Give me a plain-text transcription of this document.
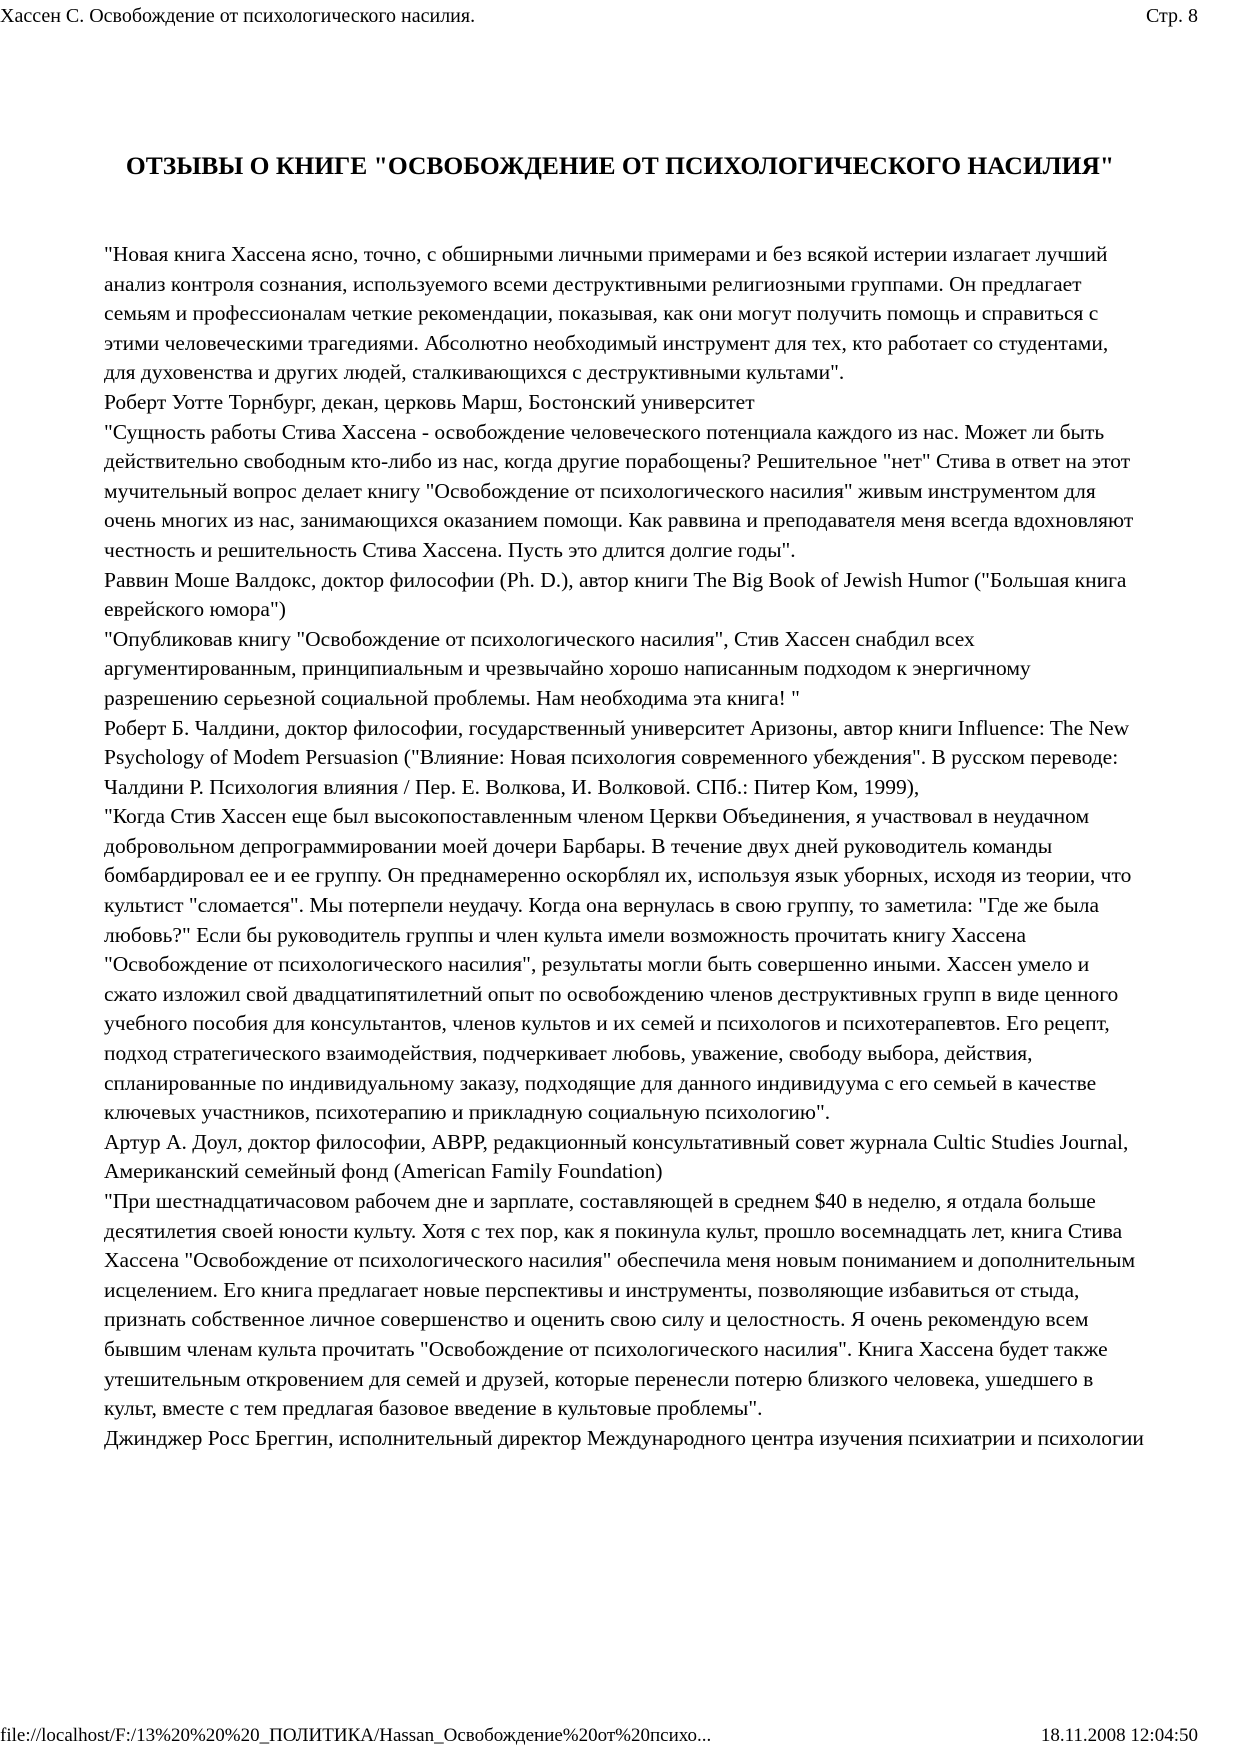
Хассен С. Освобождение от психологического насилия.	Стр. 8
ОТЗЫВЫ О КНИГЕ "ОСВОБОЖДЕНИЕ ОТ ПСИХОЛОГИЧЕСКОГО НАСИЛИЯ"

"Новая книга Хассена ясно, точно, с обширными личными примерами и без всякой истерии излагает лучший анализ контроля сознания, используемого всеми деструктивными религиозными группами. Он предлагает семьям и профессионалам четкие рекомендации, показывая, как они могут получить помощь и справиться с этими человеческими трагедиями. Абсолютно необходимый инструмент для тех, кто работает со студентами, для духовенства и других людей, сталкивающихся с деструктивными культами".

Роберт Уотте Торнбург, декан, церковь Марш, Бостонский университет

"Сущность работы Стива Хассена - освобождение человеческого потенциала каждого из нас. Может ли быть действительно свободным кто-либо из нас, когда другие порабощены? Решительное "нет" Стива в ответ на этот мучительный вопрос делает книгу "Освобождение от психологического насилия" живым инструментом для очень многих из нас, занимающихся оказанием помощи. Как раввина и преподавателя меня всегда вдохновляют честность и решительность Стива Хассена. Пусть это длится долгие годы".

Раввин Моше Валдокс, доктор философии (Ph. D.), автор книги The Big Book of Jewish Humor ("Большая книга еврейского юмора")

"Опубликовав книгу "Освобождение от психологического насилия", Стив Хассен снабдил всех аргументированным, принципиальным и чрезвычайно хорошо написанным подходом к энергичному разрешению серьезной социальной проблемы. Нам необходима эта книга! "

Роберт Б. Чалдини, доктор философии, государственный университет Аризоны, автор книги Influence: The New Psychology of Modem Persuasion ("Влияние: Новая психология современного убеждения". В русском переводе: Чалдини Р. Психология влияния / Пер. Е. Волкова, И. Волковой. СПб.: Питер Ком, 1999),

"Когда Стив Хассен еще был высокопоставленным членом Церкви Объединения, я участвовал в неудачном добровольном депрограммировании моей дочери Барбары. В течение двух дней руководитель команды бомбардировал ее и ее группу. Он преднамеренно оскорблял их, используя язык уборных, исходя из теории, что культист "сломается". Мы потерпели неудачу. Когда она вернулась в свою группу, то заметила: "Где же была любовь?" Если бы руководитель группы и член культа имели возможность прочитать книгу Хассена "Освобождение от психологического насилия", результаты могли быть совершенно иными. Хассен умело и сжато изложил свой двадцатипятилетний опыт по освобождению членов деструктивных групп в виде ценного учебного пособия для консультантов, членов культов и их семей и психологов и психотерапевтов. Его рецепт, подход стратегического взаимодействия, подчеркивает любовь, уважение, свободу выбора, действия, спланированные по индивидуальному заказу, подходящие для данного индивидуума с его семьей в качестве ключевых участников, психотерапию и прикладную социальную психологию".

Артур А. Доул, доктор философии, АВРР, редакционный консультативный совет журнала Cultic Studies Journal, Американский семейный фонд (American Family Foundation)

"При шестнадцатичасовом рабочем дне и зарплате, составляющей в среднем $40 в неделю, я отдала больше десятилетия своей юности культу. Хотя с тех пор, как я покинула культ, прошло восемнадцать лет, книга Стива Хассена "Освобождение от психологического насилия" обеспечила меня новым пониманием и дополнительным исцелением. Его книга предлагает новые перспективы и инструменты, позволяющие избавиться от стыда, признать собственное личное совершенство и оценить свою силу и целостность. Я очень рекомендую всем бывшим членам культа прочитать "Освобождение от психологического насилия". Книга Хассена будет также утешительным откровением для семей и друзей, которые перенесли потерю близкого человека, ушедшего в культ, вместе с тем предлагая базовое введение в культовые проблемы".

Джинджер Росс Бреггин, исполнительный директор Международного центра изучения психиатрии и психологии

file://localhost/F:/13%20%20%20_ПОЛИТИКА/Hassan_Освобождение%20от%20психо...	18.11.2008 12:04:50
